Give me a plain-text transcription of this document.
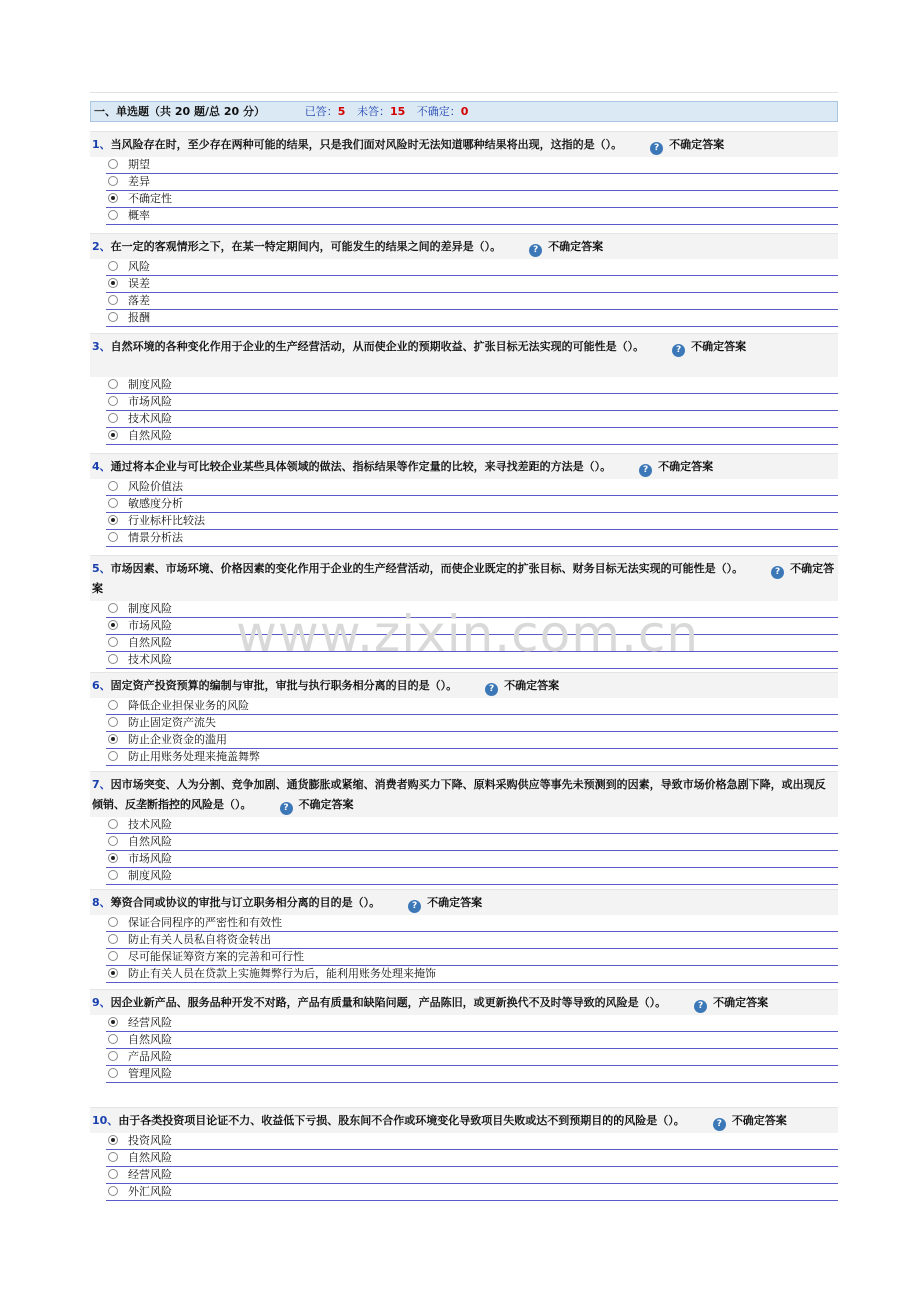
一、单选题（共 20 题/总 20 分）	已答：5 未答：15 不确定：0
1、当风险存在时，至少存在两种可能的结果，只是我们面对风险时无法知道哪种结果将出现，这指的是（）。	? 不确定答案
期望
差异
不确定性
概率
2、在一定的客观情形之下，在某一特定期间内，可能发生的结果之间的差异是（）。	? 不确定答案
风险
误差
落差
报酬
3、自然环境的各种变化作用于企业的生产经营活动，从而使企业的预期收益、扩张目标无法实现的可能性是（）。	? 不确定答案
制度风险
市场风险
技术风险
自然风险
4、通过将本企业与可比较企业某些具体领域的做法、指标结果等作定量的比较，来寻找差距的方法是（）。	? 不确定答案
风险价值法
敏感度分析
行业标杆比较法
情景分析法
5、市场因素、市场环境、价格因素的变化作用于企业的生产经营活动，而使企业既定的扩张目标、财务目标无法实现的可能性是（）。	? 不确定答案
制度风险
市场风险
自然风险
技术风险
6、固定资产投资预算的编制与审批，审批与执行职务相分离的目的是（）。	? 不确定答案
降低企业担保业务的风险
防止固定资产流失
防止企业资金的滥用
防止用账务处理来掩盖舞弊
7、因市场突变、人为分割、竞争加剧、通货膨胀或紧缩、消费者购买力下降、原料采购供应等事先未预测到的因素，导致市场价格急剧下降，或出现反倾销、反垄断指控的风险是（）。	? 不确定答案
技术风险
自然风险
市场风险
制度风险
8、筹资合同或协议的审批与订立职务相分离的目的是（）。	? 不确定答案
保证合同程序的严密性和有效性
防止有关人员私自将资金转出
尽可能保证筹资方案的完善和可行性
防止有关人员在贷款上实施舞弊行为后，能利用账务处理来掩饰
9、因企业新产品、服务品种开发不对路，产品有质量和缺陷问题，产品陈旧，或更新换代不及时等导致的风险是（）。	? 不确定答案
经营风险
自然风险
产品风险
管理风险
10、由于各类投资项目论证不力、收益低下亏损、股东间不合作或环境变化导致项目失败或达不到预期目的的风险是（）。	? 不确定答案
投资风险
自然风险
经营风险
外汇风险
www.zixin.com.cn
